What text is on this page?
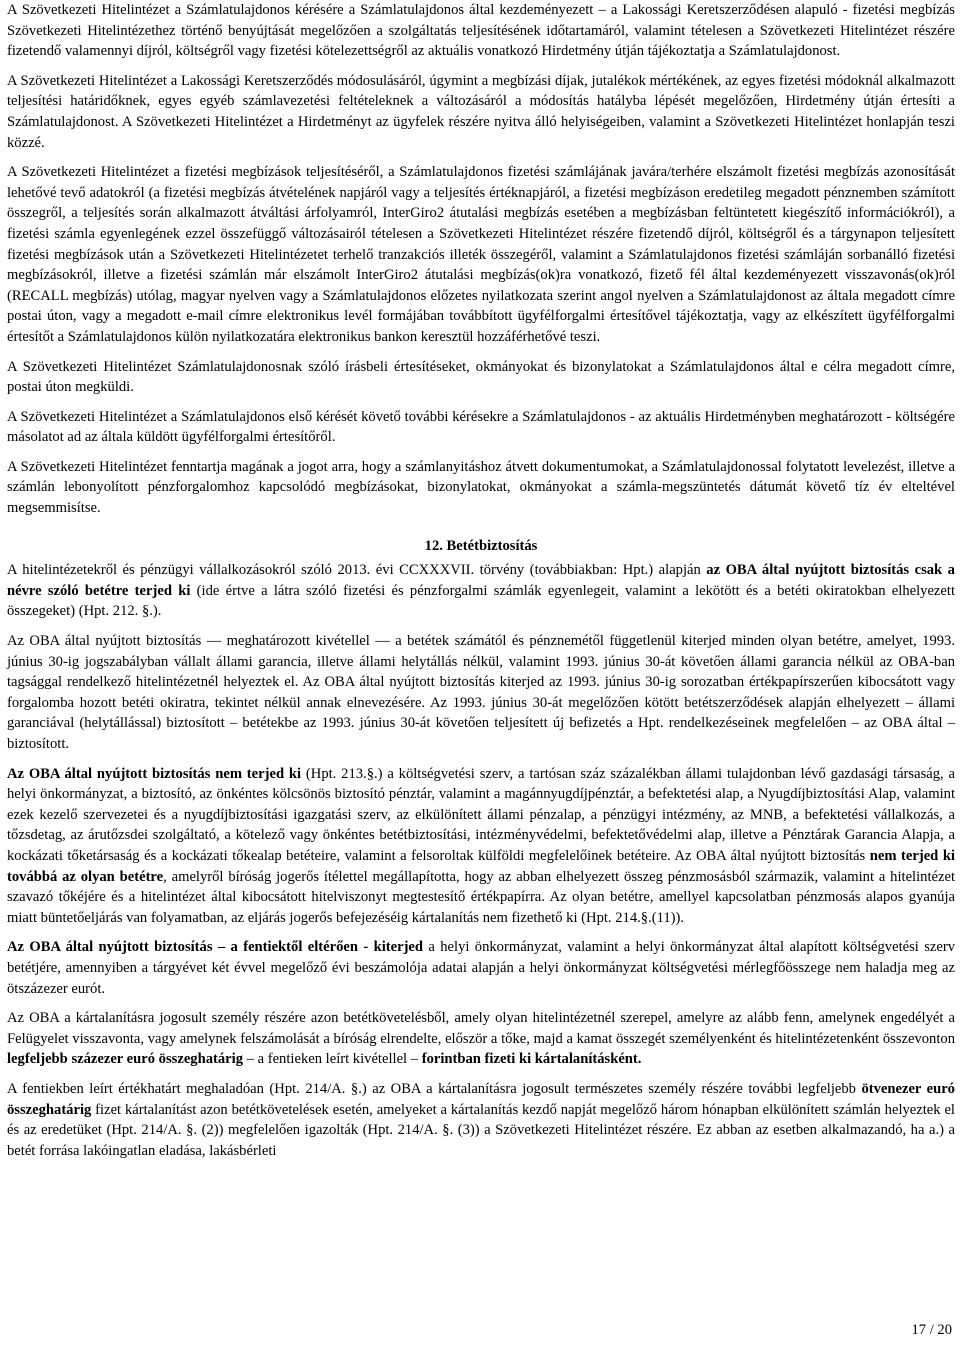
A Szövetkezeti Hitelintézet a Számlatulajdonos kérésére a Számlatulajdonos által kezdeményezett – a Lakossági Keretszerződésen alapuló - fizetési megbízás Szövetkezeti Hitelintézethez történő benyújtását megelőzően a szolgáltatás teljesítésének időtartamáról, valamint tételesen a Szövetkezeti Hitelintézet részére fizetendő valamennyi díjról, költségről vagy fizetési kötelezettségről az aktuális vonatkozó Hirdetmény útján tájékoztatja a Számlatulajdonost.

A Szövetkezeti Hitelintézet a Lakossági Keretszerződés módosulásáról, úgymint a megbízási díjak, jutalékok mértékének, az egyes fizetési módoknál alkalmazott teljesítési határidőknek, egyes egyéb számlavezetési feltételeknek a változásáról a módosítás hatályba lépését megelőzően, Hirdetmény útján értesíti a Számlatulajdonost. A Szövetkezeti Hitelintézet a Hirdetményt az ügyfelek részére nyitva álló helyiségeiben, valamint a Szövetkezeti Hitelintézet honlapján teszi közzé.

A Szövetkezeti Hitelintézet a fizetési megbízások teljesítéséről, a Számlatulajdonos fizetési számlájának javára/terhére elszámolt fizetési megbízás azonosítását lehetővé tevő adatokról (a fizetési megbízás átvételének napjáról vagy a teljesítés értéknapjáról, a fizetési megbízáson eredetileg megadott pénznemben számított összegről, a teljesítés során alkalmazott átváltási árfolyamról, InterGiro2 átutalási megbízás esetében a megbízásban feltüntetett kiegészítő információkról), a fizetési számla egyenlegének ezzel összefüggő változásairól tételesen a Szövetkezeti Hitelintézet részére fizetendő díjról, költségről és a tárgynapon teljesített fizetési megbízások után a Szövetkezeti Hitelintézetet terhelő tranzakciós illeték összegéről, valamint a Számlatulajdonos fizetési számláján sorbanálló fizetési megbízásokról, illetve a fizetési számlán már elszámolt InterGiro2 átutalási megbízás(ok)ra vonatkozó, fizető fél által kezdeményezett visszavonás(ok)ról (RECALL megbízás) utólag, magyar nyelven vagy a Számlatulajdonos előzetes nyilatkozata szerint angol nyelven a Számlatulajdonost az általa megadott címre postai úton, vagy a megadott e-mail címre elektronikus levél formájában továbbított ügyfélforgalmi értesítővel tájékoztatja, vagy az elkészített ügyfélforgalmi értesítőt a Számlatulajdonos külön nyilatkozatára elektronikus bankon keresztül hozzáférhetővé teszi.

A Szövetkezeti Hitelintézet Számlatulajdonosnak szóló írásbeli értesítéseket, okmányokat és bizonylatokat a Számlatulajdonos által e célra megadott címre, postai úton megküldi.

A Szövetkezeti Hitelintézet a Számlatulajdonos első kérését követő további kérésekre a Számlatulajdonos - az aktuális Hirdetményben meghatározott - költségére másolatot ad az általa küldött ügyfélforgalmi értesítőről.

A Szövetkezeti Hitelintézet fenntartja magának a jogot arra, hogy a számlanyitáshoz átvett dokumentumokat, a Számlatulajdonossal folytatott levelezést, illetve a számlán lebonyolított pénzforgalomhoz kapcsolódó megbízásokat, bizonylatokat, okmányokat a számla-megszüntetés dátumát követő tíz év elteltével megsemmisítse.

12. Betétbiztosítás

A hitelintézetekről és pénzügyi vállalkozásokról szóló 2013. évi CCXXXVII. törvény (továbbiakban: Hpt.) alapján az OBA által nyújtott biztosítás csak a névre szóló betétre terjed ki (ide értve a látra szóló fizetési és pénzforgalmi számlák egyenlegeit, valamint a lekötött és a betéti okiratokban elhelyezett összegeket) (Hpt. 212. §.).

Az OBA által nyújtott biztosítás — meghatározott kivétellel — a betétek számától és pénznemétől függetlenül kiterjed minden olyan betétre, amelyet, 1993. június 30-ig jogszabályban vállalt állami garancia, illetve állami helytállás nélkül, valamint 1993. június 30-át követően állami garancia nélkül az OBA-ban tagsággal rendelkező hitelintézetnél helyeztek el. Az OBA által nyújtott biztosítás kiterjed az 1993. június 30-ig sorozatban értékpapírszerűen kibocsátott vagy forgalomba hozott betéti okiratra, tekintet nélkül annak elnevezésére. Az 1993. június 30-át megelőzően kötött betétszerződések alapján elhelyezett – állami garanciával (helytállással) biztosított – betétekbe az 1993. június 30-át követően teljesített új befizetés a Hpt. rendelkezéseinek megfelelően – az OBA által – biztosított.

Az OBA által nyújtott biztosítás nem terjed ki (Hpt. 213.§.) a költségvetési szerv, a tartósan száz százalékban állami tulajdonban lévő gazdasági társaság, a helyi önkormányzat, a biztosító, az önkéntes kölcsönös biztosító pénztár, valamint a magánnyugdíjpénztár, a befektetési alap, a Nyugdíjbiztosítási Alap, valamint ezek kezelő szervezetei és a nyugdíjbiztosítási igazgatási szerv, az elkülönített állami pénzalap, a pénzügyi intézmény, az MNB, a befektetési vállalkozás, a tőzsdetag, az árutőzsdei szolgáltató, a kötelező vagy önkéntes betétbiztosítási, intézményvédelmi, befektetővédelmi alap, illetve a Pénztárak Garancia Alapja, a kockázati tőketársaság és a kockázati tőkealap betéteire, valamint a felsoroltak külföldi megfelelőinek betéteire. Az OBA által nyújtott biztosítás nem terjed ki továbbá az olyan betétre, amelyről bíróság jogerős ítélettel megállapította, hogy az abban elhelyezett összeg pénzmosásból származik, valamint a hitelintézet szavazó tőkéjére és a hitelintézet által kibocsátott hitelviszonyt megtestesítő értékpapírra. Az olyan betétre, amellyel kapcsolatban pénzmosás alapos gyanúja miatt büntetőeljárás van folyamatban, az eljárás jogerős befejezéséig kártalanítás nem fizethető ki (Hpt. 214.§.(11)).

Az OBA által nyújtott biztosítás – a fentiektől eltérően - kiterjed a helyi önkormányzat, valamint a helyi önkormányzat által alapított költségvetési szerv betétjére, amennyiben a tárgyévet két évvel megelőző évi beszámolója adatai alapján a helyi önkormányzat költségvetési mérlegfőösszege nem haladja meg az ötszázezer eurót.

Az OBA a kártalanításra jogosult személy részére azon betétkövetelésből, amely olyan hitelintézetnél szerepel, amelyre az alább fenn, amelynek engedélyét a Felügyelet visszavonta, vagy amelynek felszámolását a bíróság elrendelte, először a tőke, majd a kamat összegét személyenként és hitelintézetenként összevonton legfeljebb százezer euró összeghatárig – a fentieken leírt kivétellel – forintban fizeti ki kártalanításként.

A fentiekben leírt értékhatárt meghaladóan (Hpt. 214/A. §.) az OBA a kártalanításra jogosult természetes személy részére további legfeljebb ötvenezer euró összeghatárig fizet kártalanítást azon betétkövetelések esetén, amelyeket a kártalanítás kezdő napját megelőző három hónapban elkülönített számlán helyeztek el és az eredetüket (Hpt. 214/A. §. (2)) megfelelően igazolták (Hpt. 214/A. §. (3)) a Szövetkezeti Hitelintézet részére. Ez abban az esetben alkalmazandó, ha a.) a betét forrása lakóingatlan eladása, lakásbérleti

17 / 20
